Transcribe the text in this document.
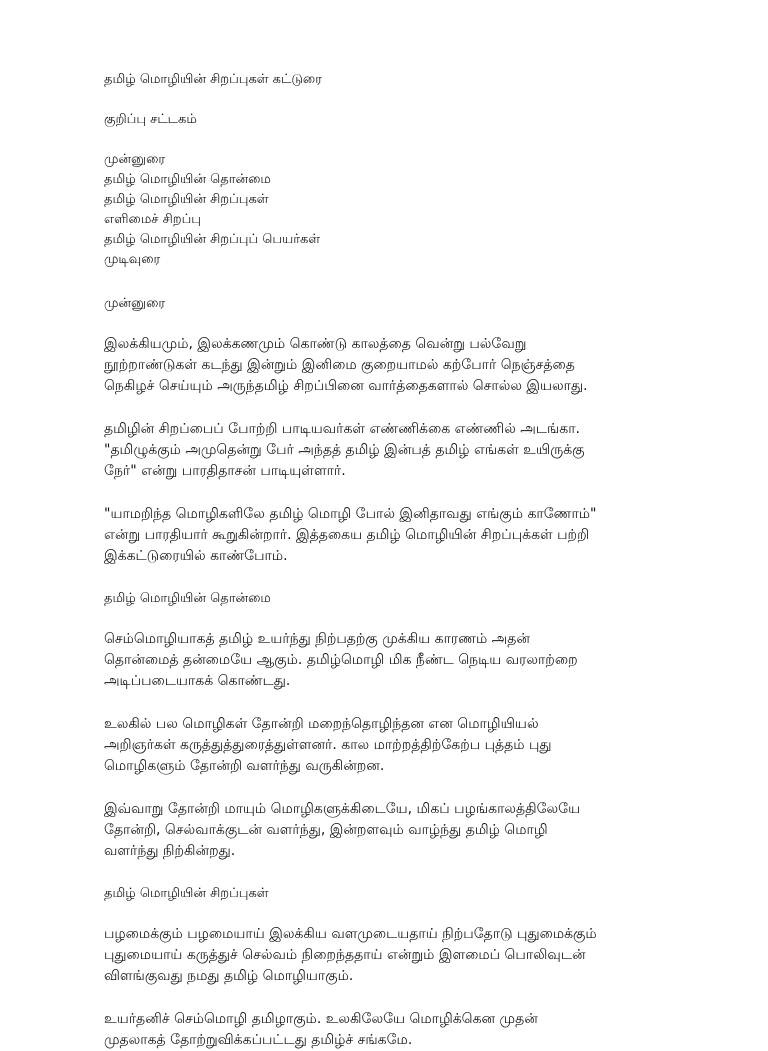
தமிழ் மொழியின் சிறப்புகள் கட்டுரை
குறிப்பு சட்டகம்
முன்னுரை
தமிழ் மொழியின் தொன்மை
தமிழ் மொழியின் சிறப்புகள்
எளிமைச் சிறப்பு
தமிழ் மொழியின் சிறப்புப் பெயர்கள்
முடிவுரை
முன்னுரை
இலக்கியமும், இலக்கணமும் கொண்டு காலத்தை வென்று பல்வேறு
நூற்றாண்டுகள் கடந்து இன்றும் இனிமை குறையாமல் கற்போர் நெஞ்சத்தை
நெகிழச் செய்யும் அருந்தமிழ் சிறப்பினை வார்த்தைகளால் சொல்ல இயலாது.
தமிழின் சிறப்பைப் போற்றி பாடியவர்கள் எண்ணிக்கை எண்ணில் அடங்கா.
"தமிழுக்கும் அமுதென்று பேர் அந்தத் தமிழ் இன்பத் தமிழ் எங்கள் உயிருக்கு
நேர்" என்று பாரதிதாசன் பாடியுள்ளார்.
"யாமறிந்த மொழிகளிலே தமிழ் மொழி போல் இனிதாவது எங்கும் காணோம்"
என்று பாரதியார் கூறுகின்றார். இத்தகைய தமிழ் மொழியின் சிறப்புக்கள் பற்றி
இக்கட்டுரையில் காண்போம்.
தமிழ் மொழியின் தொன்மை
செம்மொழியாகத் தமிழ் உயர்ந்து நிற்பதற்கு முக்கிய காரணம் அதன்
தொன்மைத் தன்மையே ஆகும். தமிழ்மொழி மிக நீண்ட நெடிய வரலாற்றை
அடிப்படையாகக் கொண்டது.
உலகில் பல மொழிகள் தோன்றி மறைந்தொழிந்தன என மொழியியல்
அறிஞர்கள் கருத்துத்துரைத்துள்ளனர். கால மாற்றத்திற்கேற்ப புத்தம் புது
மொழிகளும் தோன்றி வளர்ந்து வருகின்றன.
இவ்வாறு தோன்றி மாயும் மொழிகளுக்கிடையே, மிகப் பழங்காலத்திலேயே
தோன்றி, செல்வாக்குடன் வளர்ந்து, இன்றளவும் வாழ்ந்து தமிழ் மொழி
வளர்ந்து நிற்கின்றது.
தமிழ் மொழியின் சிறப்புகள்
பழமைக்கும் பழமையாய் இலக்கிய வளமுடையதாய் நிற்பதோடு புதுமைக்கும்
புதுமையாய் கருத்துச் செல்வம் நிறைந்ததாய் என்றும் இளமைப் பொலிவுடன்
விளங்குவது நமது தமிழ் மொழியாகும்.
உயர்தனிச் செம்மொழி தமிழாகும். உலகிலேயே மொழிக்கென முதன்
முதலாகத் தோற்றுவிக்கப்பட்டது தமிழ்ச் சங்கமே.
